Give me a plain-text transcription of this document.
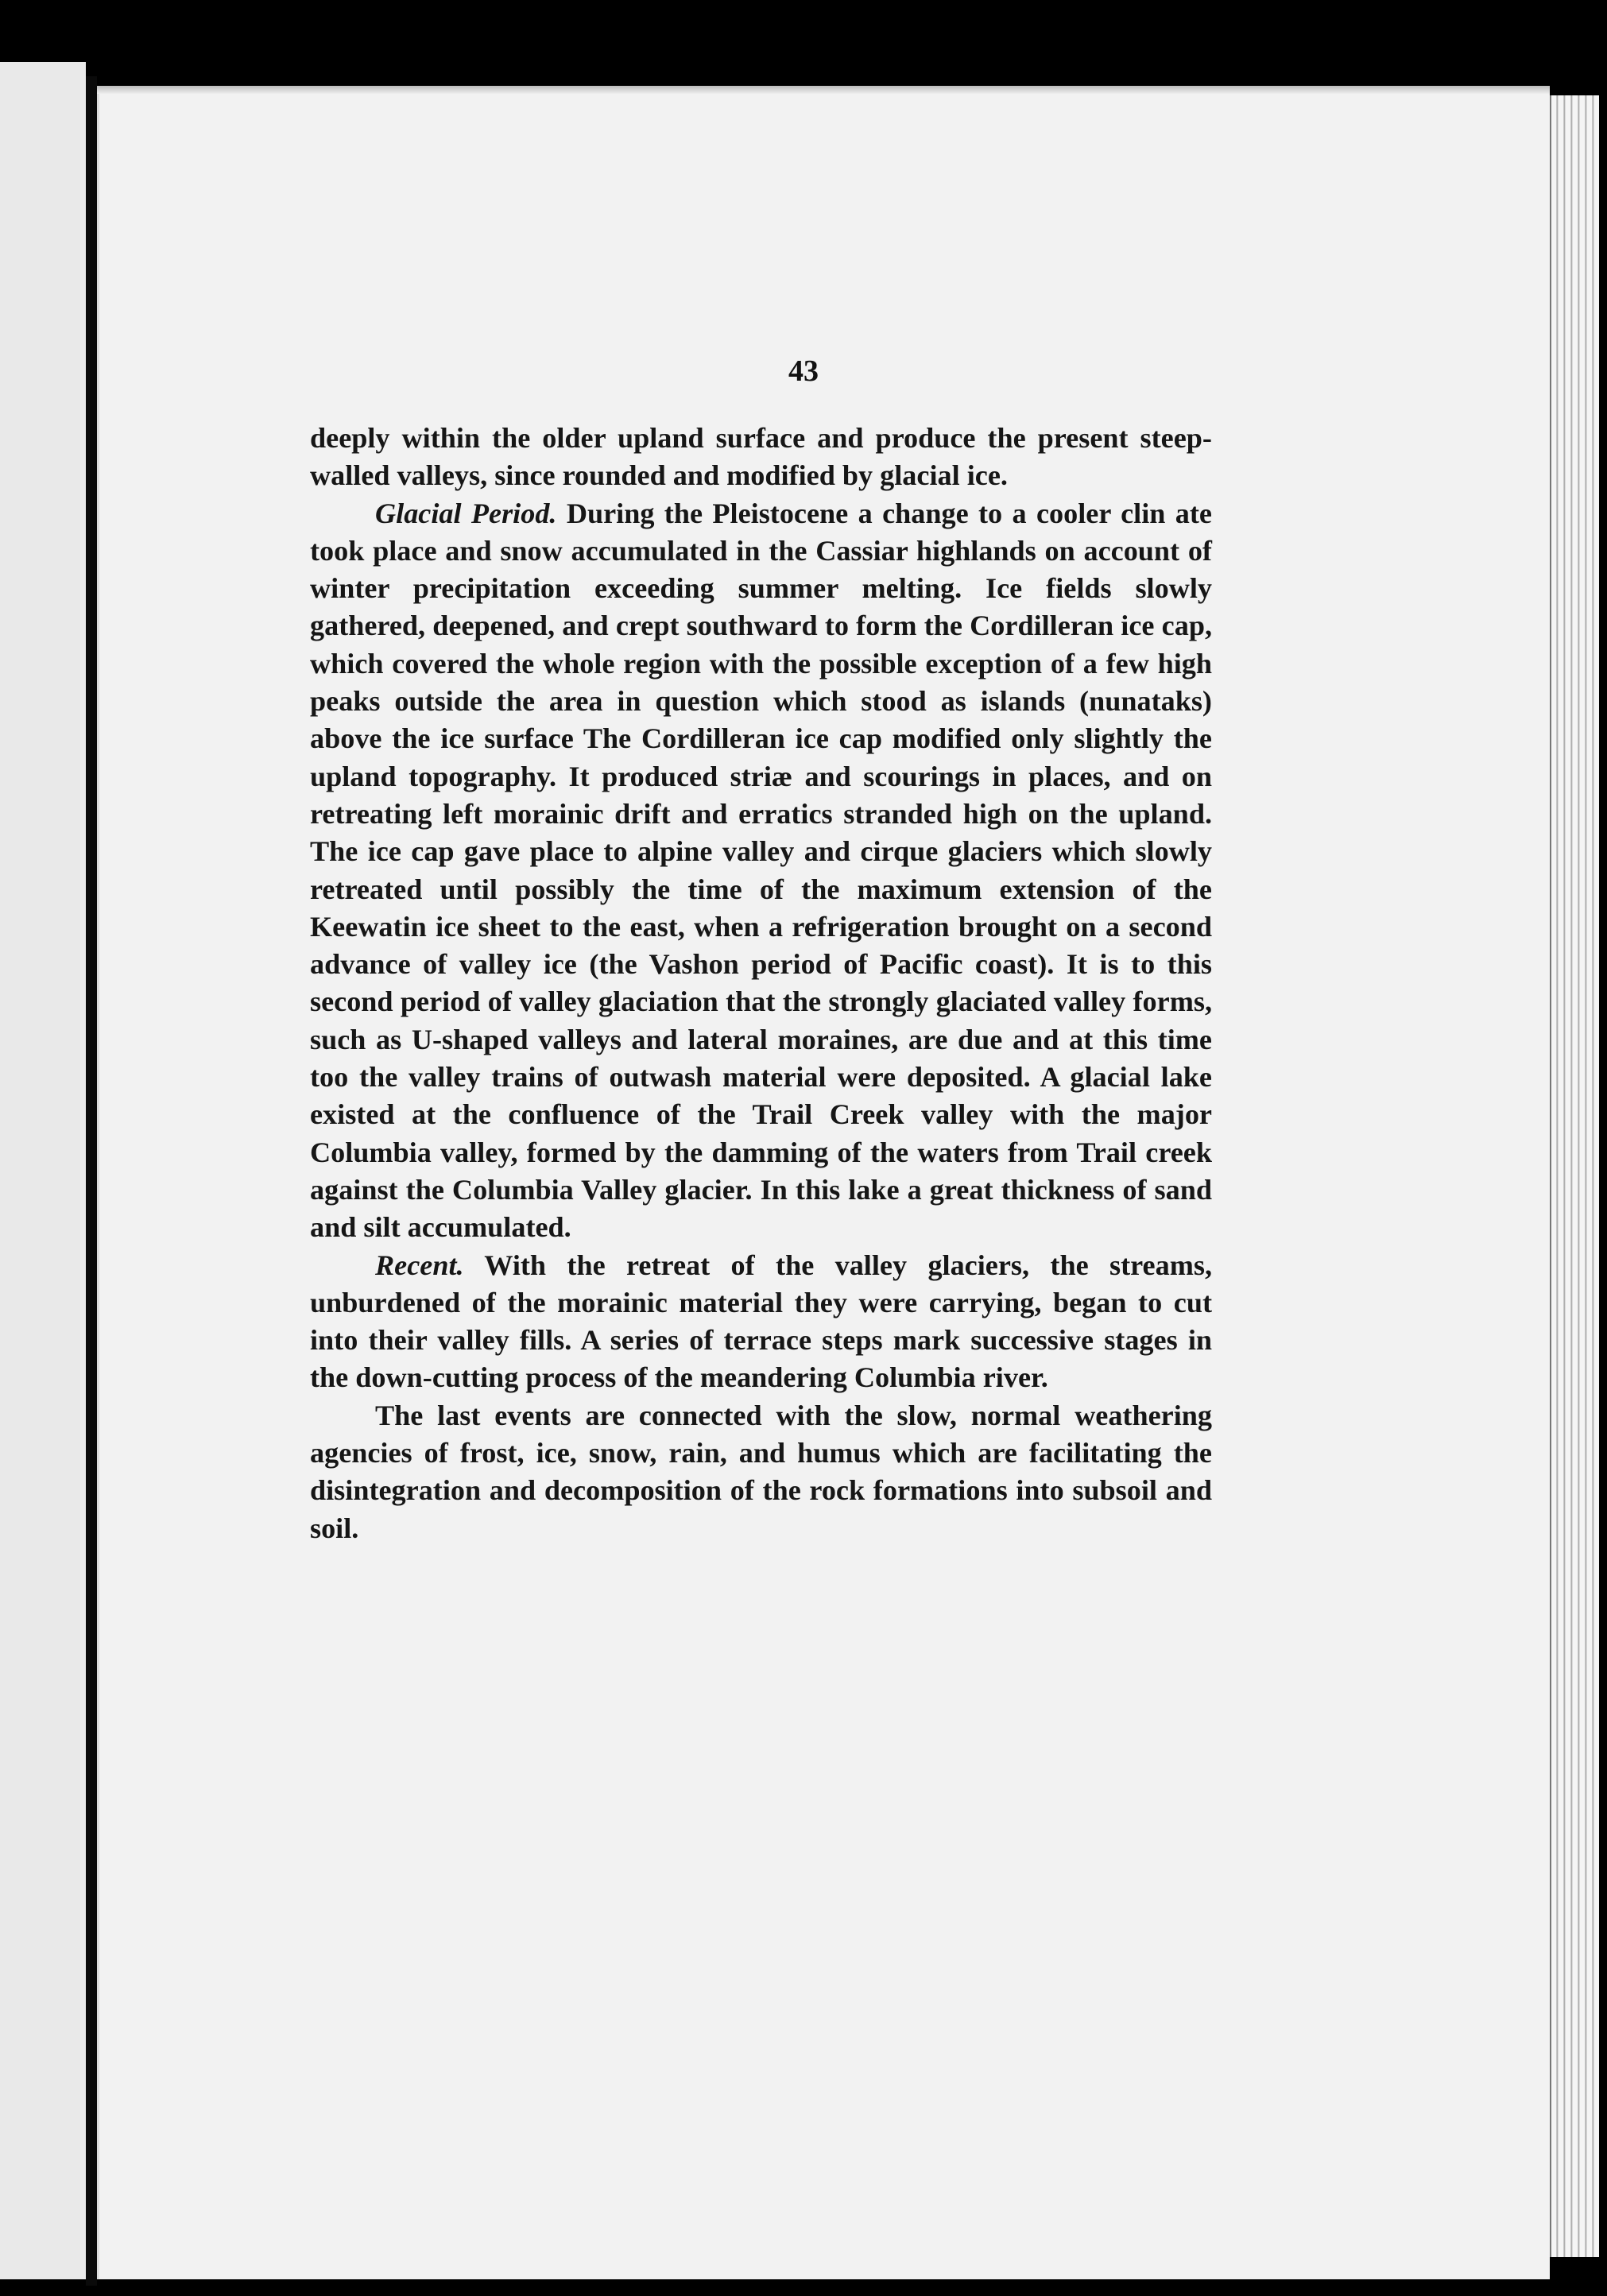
43

deeply within the older upland surface and produce the present steep-walled valleys, since rounded and modified by glacial ice.

Glacial Period. During the Pleistocene a change to a cooler clin ate took place and snow accumulated in the Cassiar highlands on account of winter precipitation exceeding summer melting. Ice fields slowly gathered, deepened, and crept southward to form the Cordilleran ice cap, which covered the whole region with the possible exception of a few high peaks outside the area in question which stood as islands (nunataks) above the ice surface The Cordilleran ice cap modified only slightly the upland topography. It produced striæ and scourings in places, and on retreating left morainic drift and erratics stranded high on the upland. The ice cap gave place to alpine valley and cirque glaciers which slowly retreated until possibly the time of the maximum extension of the Keewatin ice sheet to the east, when a refrigeration brought on a second advance of valley ice (the Vashon period of Pacific coast). It is to this second period of valley glaciation that the strongly glaciated valley forms, such as U-shaped valleys and lateral moraines, are due and at this time too the valley trains of outwash material were deposited. A glacial lake existed at the confluence of the Trail Creek valley with the major Columbia valley, formed by the damming of the waters from Trail creek against the Columbia Valley glacier. In this lake a great thickness of sand and silt accumulated.

Recent. With the retreat of the valley glaciers, the streams, unburdened of the morainic material they were carrying, began to cut into their valley fills. A series of terrace steps mark successive stages in the down-cutting process of the meandering Columbia river.

The last events are connected with the slow, normal weathering agencies of frost, ice, snow, rain, and humus which are facilitating the disintegration and decomposition of the rock formations into subsoil and soil.
